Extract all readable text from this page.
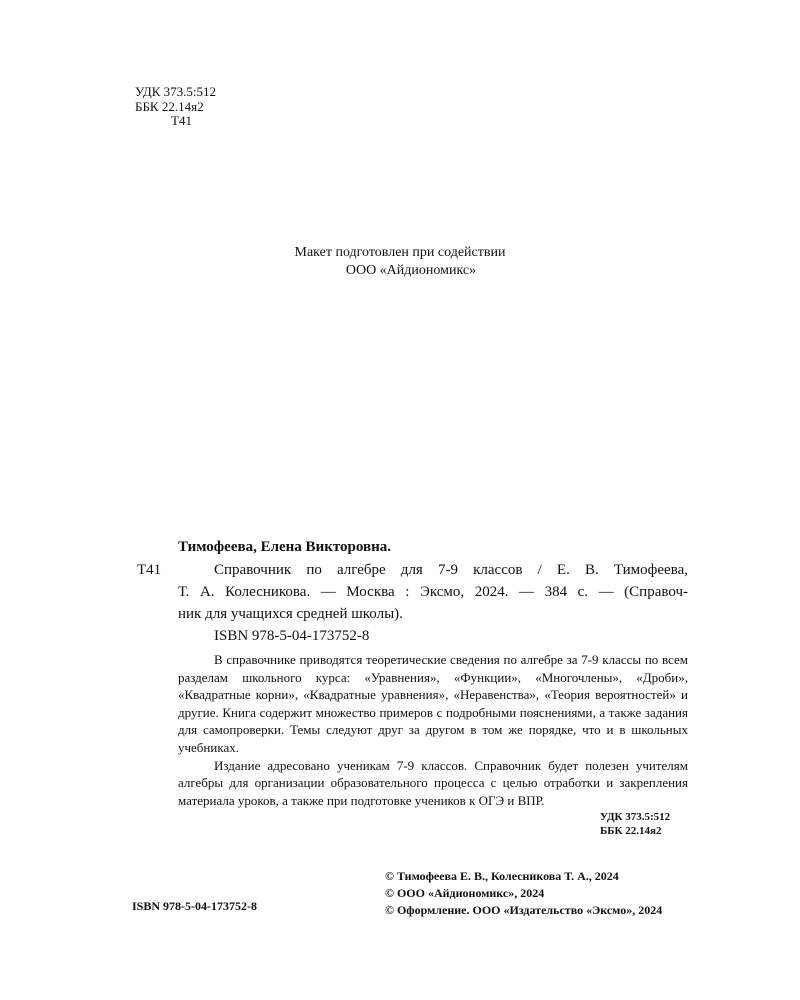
УДК 373.5:512
ББК 22.14я2
Т41
Макет подготовлен при содействии
ООО «Айдиономикс»
Тимофеева, Елена Викторовна.
Т41	Справочник по алгебре для 7-9 классов / Е. В. Тимофеева,
Т. А. Колесникова. — Москва : Эксмо, 2024. — 384 с. — (Справоч-
ник для учащихся средней школы).
ISBN 978-5-04-173752-8

В справочнике приводятся теоретические сведения по алгебре за 7-9 классы по всем разделам школьного курса: «Уравнения», «Функции», «Многочлены», «Дроби», «Квадратные корни», «Квадратные уравнения», «Неравенства», «Теория вероятностей» и другие. Книга содержит множество примеров с подробными пояснениями, а также задания для самопроверки. Темы следуют друг за другом в том же порядке, что и в школьных учебниках.

Издание адресовано ученикам 7-9 классов. Справочник будет полезен учителям алгебры для организации образовательного процесса с целью отработки и закрепления материала уроков, а также при подготовке учеников к ОГЭ и ВПР.

УДК 373.5:512
ББК 22.14я2
© Тимофеева Е. В., Колесникова Т. А., 2024
© ООО «Айдиономикс», 2024
© Оформление. ООО «Издательство «Эксмо», 2024
ISBN 978-5-04-173752-8
